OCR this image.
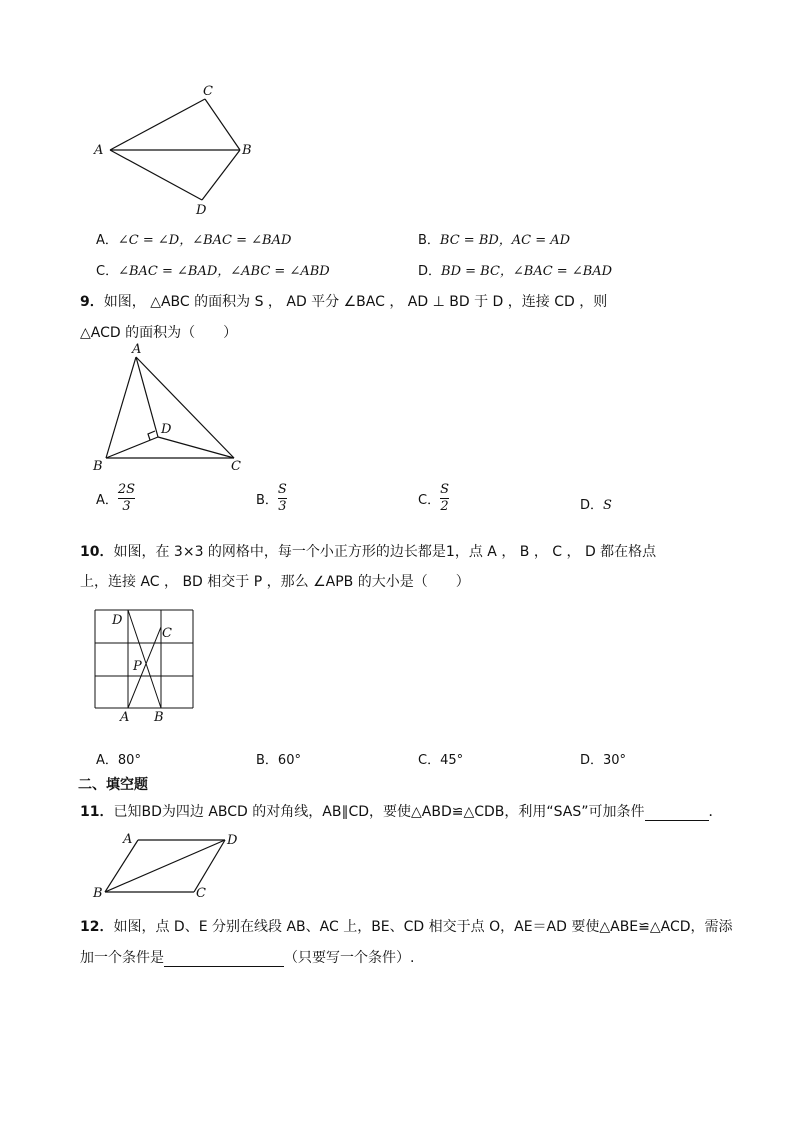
C
A	B
D
A．∠C = ∠D，∠BAC = ∠BAD	B．BC = BD，AC = AD
C．∠BAC = ∠BAD，∠ABC = ∠ABD	D．BD = BC，∠BAC = ∠BAD
9．如图， △ABC 的面积为 S ， AD 平分 ∠BAC ， AD ⊥ BD 于 D ，连接 CD ，则
△ACD 的面积为（　　）
A
D
B	C
A． $\frac{2S}{3}$	B． $\frac{S}{3}$	C． $\frac{S}{2}$	D．S
10．如图，在 3×3 的网格中，每一个小正方形的边长都是1，点 A ， B ， C ， D 都在格点
上，连接 AC ， BD 相交于 P ，那么 ∠APB 的大小是（　　）
D
C
P
A B
A．80°	B．60°	C．45°	D．30°
二、填空题
11．已知BD为四边 ABCD 的对角线，AB∥CD，要使△ABD≌△CDB，利用“SAS”可加条件	．
A	D
B	C
12．如图，点 D、E 分别在线段 AB、AC 上，BE、CD 相交于点 O，AE＝AD 要使△ABE≌△ACD，需添
加一个条件是	（只要写一个条件）.
